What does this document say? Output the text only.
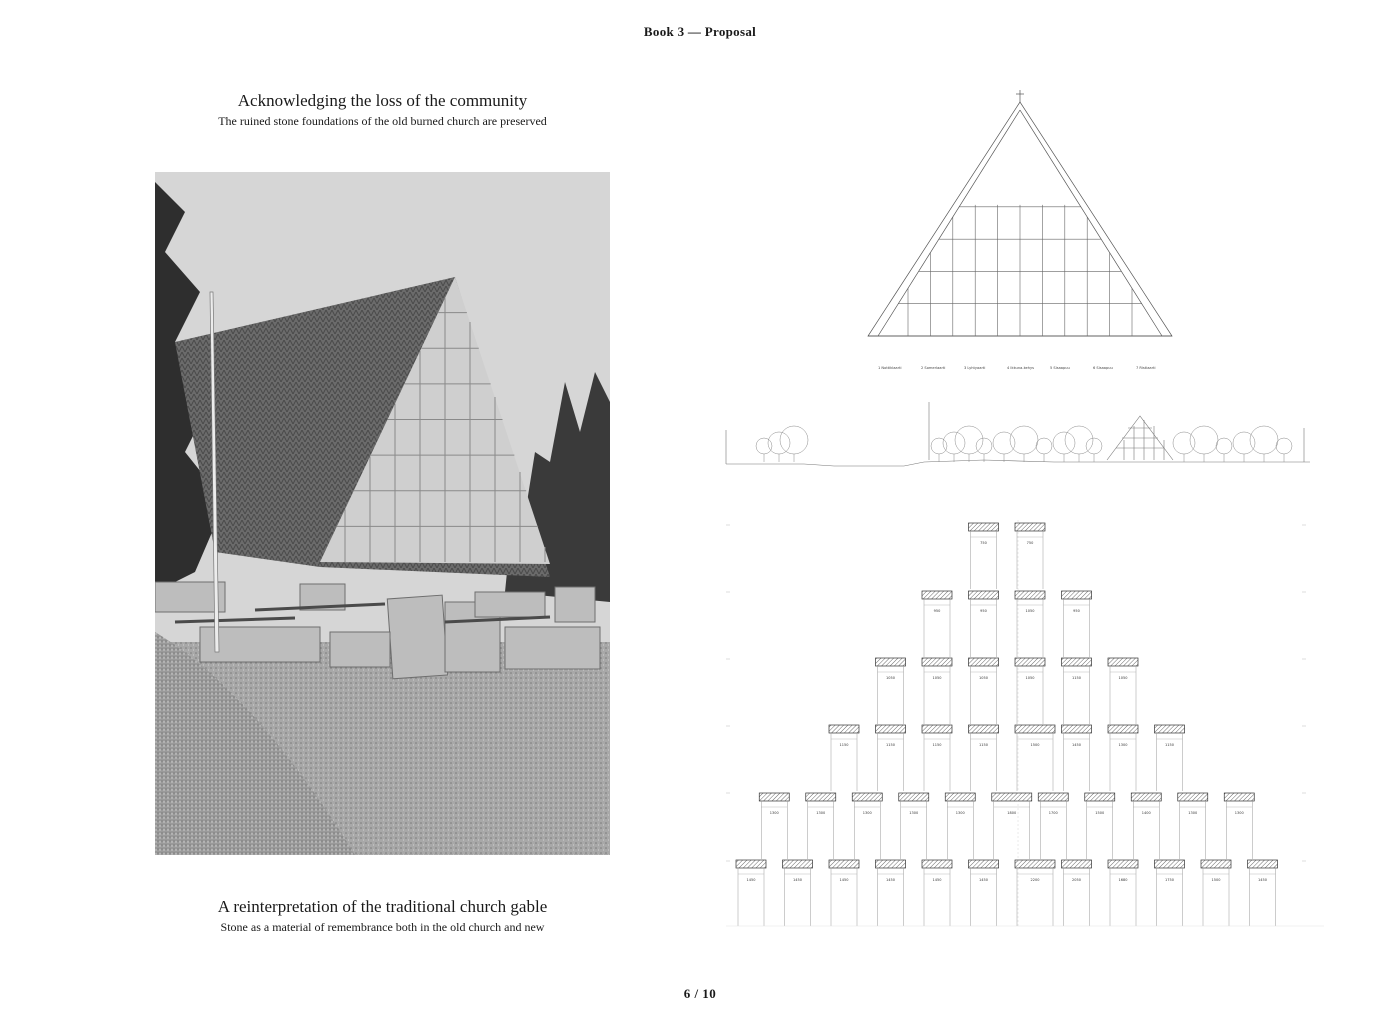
Book 3 — Proposal
Acknowledging the loss of the community
The ruined stone foundations of the old burned church are preserved
A reinterpretation of the traditional church gable
Stone as a material of remembrance both in the old church and new
1 Nottiklaarti	2 Somerlaarti	3 Lyhtyaarti	4 Ikkuna-kehys	5 Sisaapuu	6 Sisaapuu	7 Ristiaarti
1450	1450	1450	1450	1450	1450	2200	2050	1680	1750	1500	1450
1300	1300	1300	1300	1300	1800	1700	1500	1400	1300	1300
1150	1150	1150	1150	1500	1450	1300	1150
1050	1050	1050	1050	1150	1050
950	950	1050	950
750	750
6 / 10
